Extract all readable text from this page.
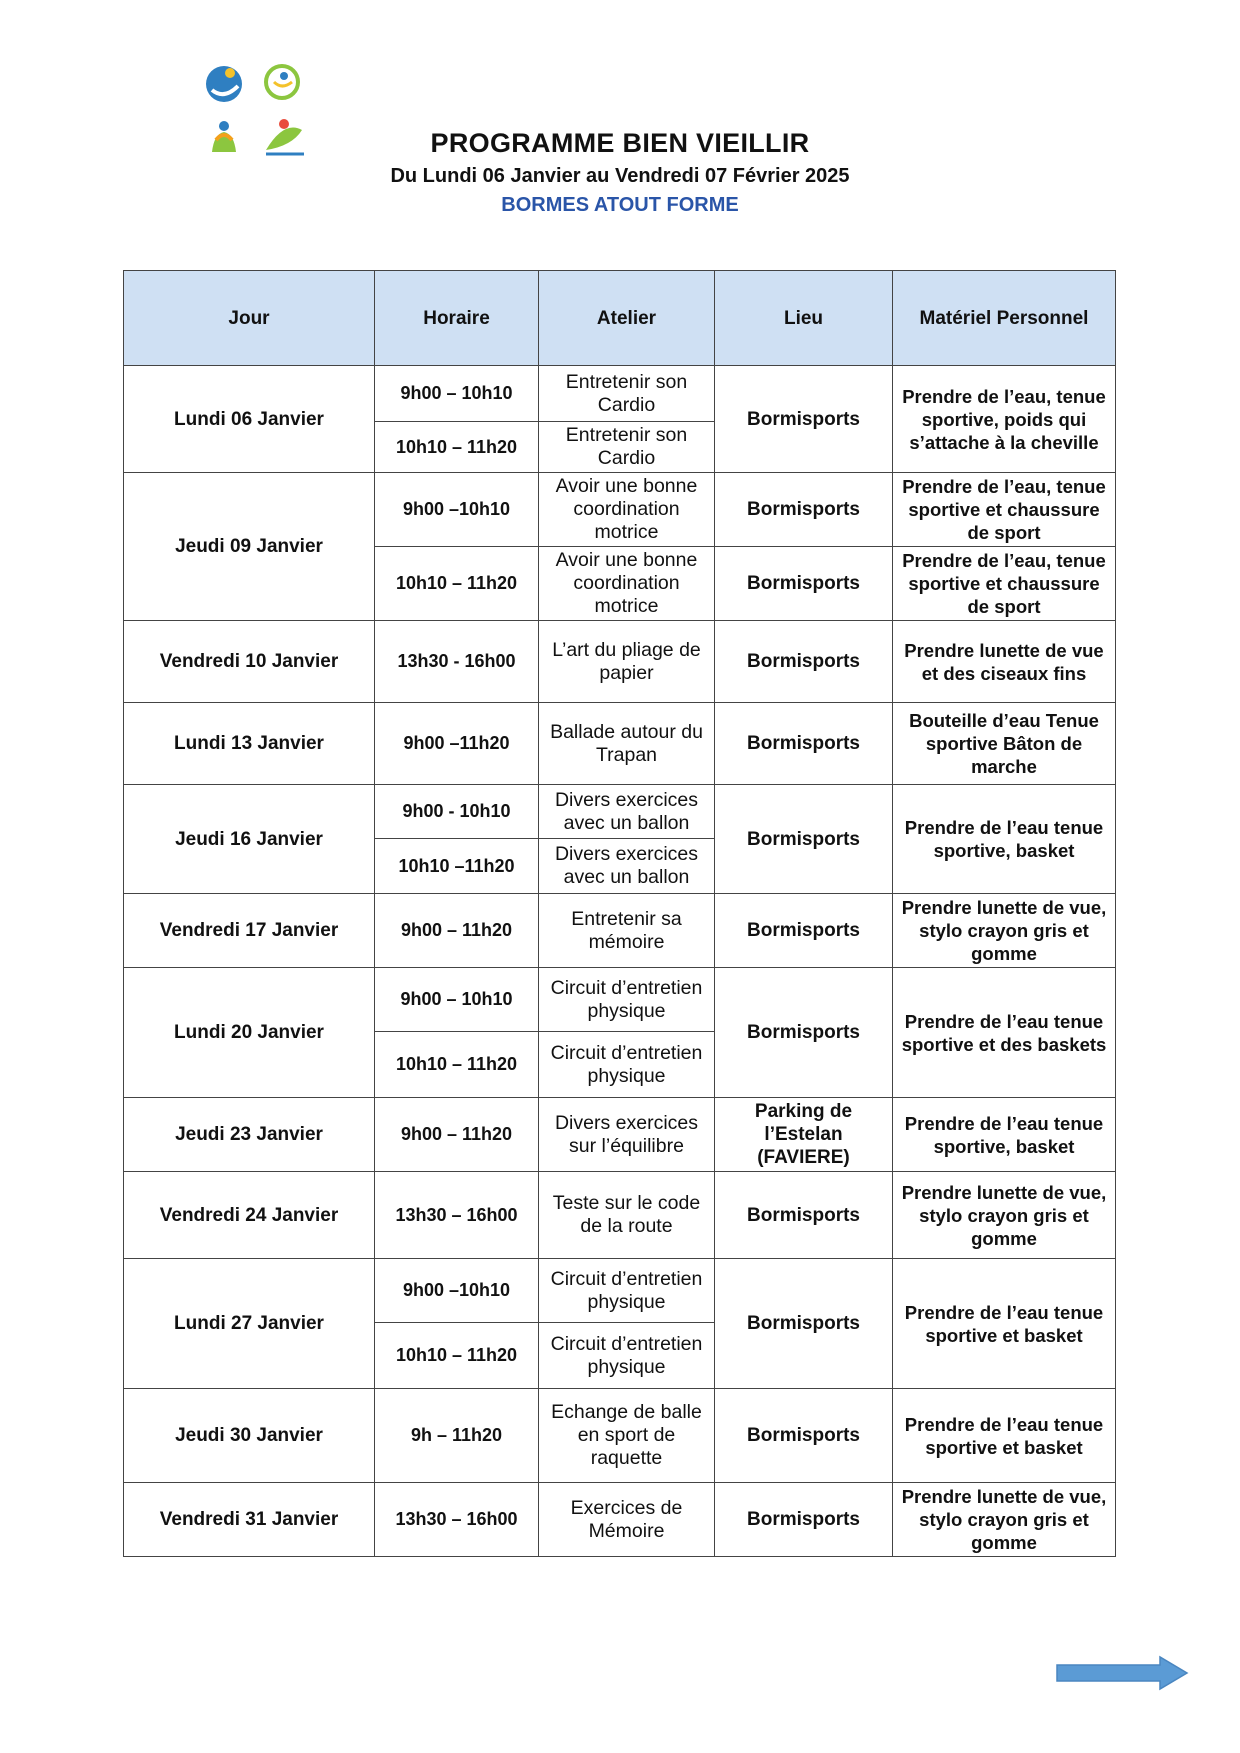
PROGRAMME BIEN VIEILLIR

Du Lundi 06 Janvier au Vendredi 07 Février 2025

BORMES ATOUT FORME

Jour	Horaire	Atelier	Lieu	Matériel Personnel
Lundi 06 Janvier	9h00 – 10h10	Entretenir son Cardio	Bormisports	Prendre de l’eau, tenue sportive, poids qui s’attache à la cheville
	10h10 – 11h20	Entretenir son Cardio		
Jeudi 09 Janvier	9h00 –10h10	Avoir une bonne coordination motrice	Bormisports	Prendre de l’eau, tenue sportive et chaussure de sport
	10h10 – 11h20	Avoir une bonne coordination motrice	Bormisports	Prendre de l’eau, tenue sportive et chaussure de sport
Vendredi 10 Janvier	13h30 - 16h00	L’art du pliage de papier	Bormisports	Prendre lunette de vue et des ciseaux fins
Lundi 13 Janvier	9h00 –11h20	Ballade autour du Trapan	Bormisports	Bouteille d’eau Tenue sportive Bâton de marche
Jeudi 16 Janvier	9h00 - 10h10	Divers exercices avec un ballon	Bormisports	Prendre de l’eau tenue sportive, basket
	10h10 –11h20	Divers exercices avec un ballon		
Vendredi 17 Janvier	9h00 – 11h20	Entretenir sa mémoire	Bormisports	Prendre lunette de vue, stylo crayon gris et gomme
Lundi 20 Janvier	9h00 – 10h10	Circuit d’entretien physique	Bormisports	Prendre de l’eau tenue sportive et des baskets
	10h10 – 11h20	Circuit d’entretien physique		
Jeudi 23 Janvier	9h00 – 11h20	Divers exercices sur l’équilibre	Parking de l’Estelan (FAVIERE)	Prendre de l’eau tenue sportive, basket
Vendredi 24 Janvier	13h30 – 16h00	Teste sur le code de la route	Bormisports	Prendre lunette de vue, stylo crayon gris et gomme
Lundi 27 Janvier	9h00 –10h10	Circuit d’entretien physique	Bormisports	Prendre de l’eau tenue sportive et basket
	10h10 – 11h20	Circuit d’entretien physique		
Jeudi 30 Janvier	9h – 11h20	Echange de balle en sport de raquette	Bormisports	Prendre de l’eau tenue sportive et basket
Vendredi 31 Janvier	13h30 – 16h00	Exercices de Mémoire	Bormisports	Prendre lunette de vue, stylo crayon gris et gomme
